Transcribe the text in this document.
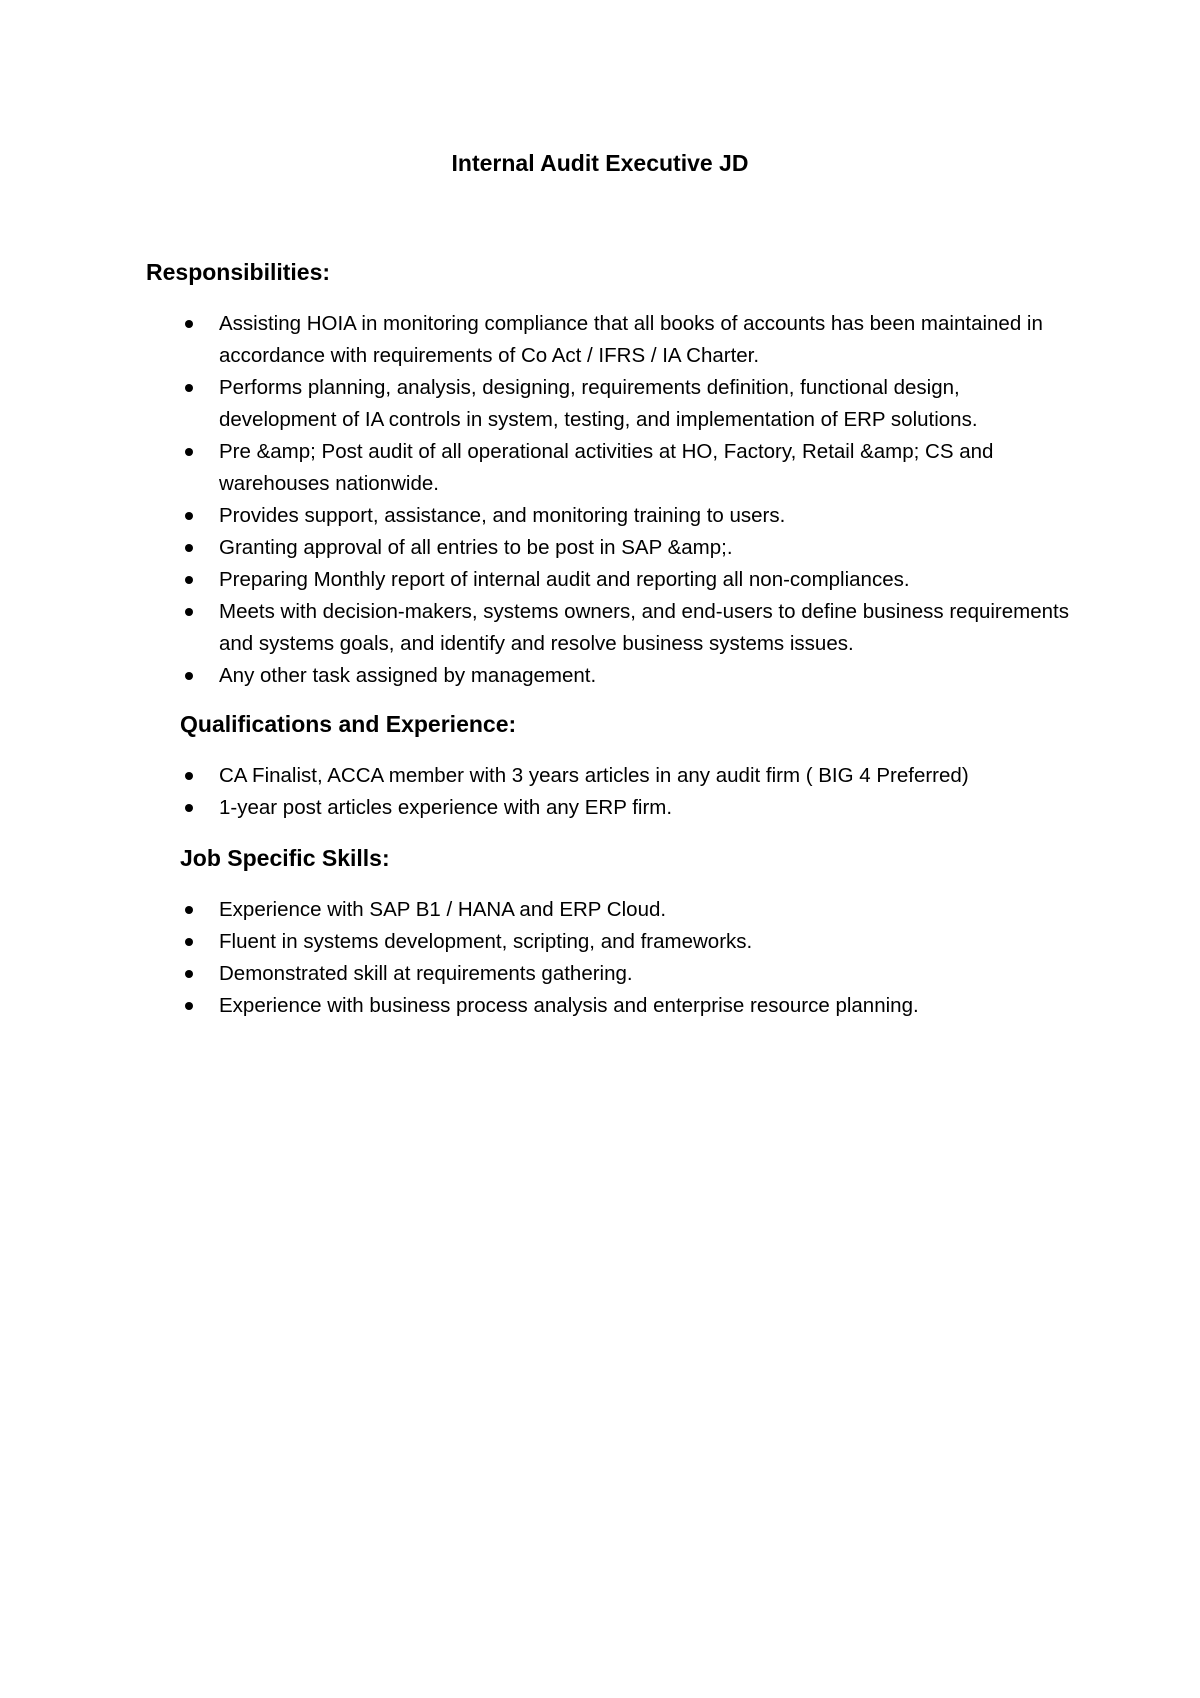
Internal Audit Executive JD
Responsibilities:
Assisting HOIA in monitoring compliance that all books of accounts has been maintained in accordance with requirements of Co Act / IFRS / IA Charter.
Performs planning, analysis, designing, requirements definition, functional design, development of IA controls in system, testing, and implementation of ERP solutions.
Pre &amp; Post audit of all operational activities at HO, Factory, Retail &amp; CS and warehouses nationwide.
Provides support, assistance, and monitoring training to users.
Granting approval of all entries to be post in SAP &amp;.
Preparing Monthly report of internal audit and reporting all non-compliances.
Meets with decision-makers, systems owners, and end-users to define business requirements and systems goals, and identify and resolve business systems issues.
Any other task assigned by management.
Qualifications and Experience:
CA Finalist, ACCA member with 3 years articles in any audit firm ( BIG 4 Preferred)
1-year post articles experience with any ERP firm.
Job Specific Skills:
Experience with SAP B1 / HANA and ERP Cloud.
Fluent in systems development, scripting, and frameworks.
Demonstrated skill at requirements gathering.
Experience with business process analysis and enterprise resource planning.
